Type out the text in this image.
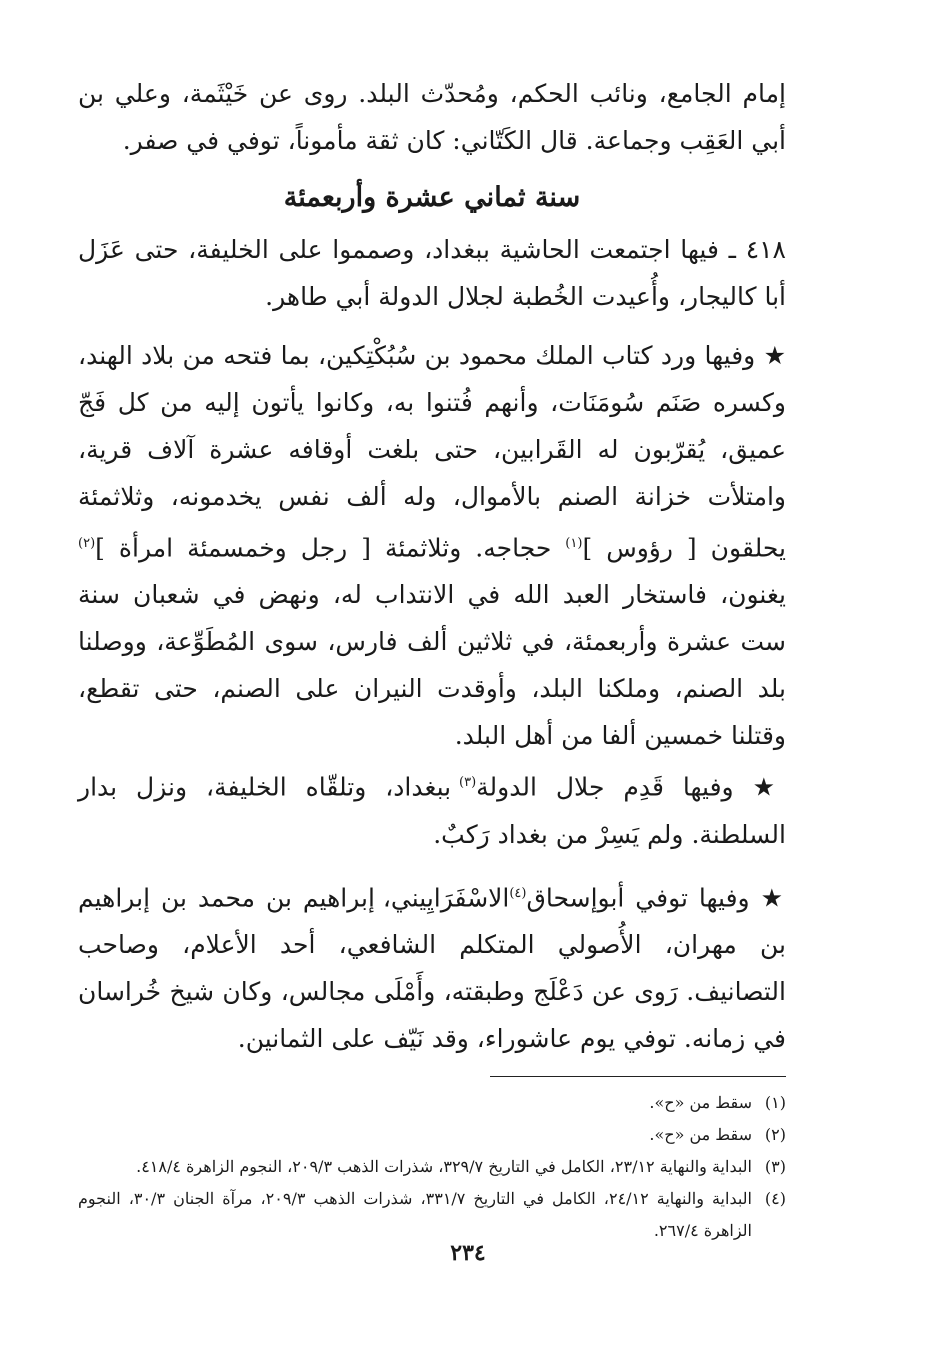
إمام الجامع، ونائب الحكم، ومُحدّث البلد. روى عن خَيْثَمة، وعلي بن أبي العَقِب وجماعة. قال الكَتّاني: كان ثقة مأموناً، توفي في صفر.

سنة ثماني عشرة وأربعمئة

٤١٨ ـ فيها اجتمعت الحاشية ببغداد، وصمموا على الخليفة، حتى عَزَل أبا كاليجار، وأُعيدت الخُطبة لجلال الدولة أبي طاهر.

★ وفيها ورد كتاب الملك محمود بن سُبُكْتِكين، بما فتحه من بلاد الهند، وكسره صَنَم سُومَنَات، وأنهم فُتنوا به، وكانوا يأتون إليه من كل فَجّ عميق، يُقرّبون له القَرابين، حتى بلغت أوقافه عشرة آلاف قرية، وامتلأت خزانة الصنم بالأموال، وله ألف نفس يخدمونه، وثلاثمئة يحلقون [ رؤوس ]$^{(١)}$ حجاجه. وثلاثمئة [ رجل وخمسمئة امرأة ]$^{(٢)}$ يغنون، فاستخار العبد الله في الانتداب له، ونهض في شعبان سنة ست عشرة وأربعمئة، في ثلاثين ألف فارس، سوى المُطَوِّعة، ووصلنا بلد الصنم، وملكنا البلد، وأوقدت النيران على الصنم، حتى تقطع، وقتلنا خمسين ألفا من أهل البلد.

★ وفيها قَدِم جلال الدولة$^{(٣)}$ ببغداد، وتلقّاه الخليفة، ونزل بدار السلطنة. ولم يَسِرْ من بغداد رَكبٌ.

★ وفيها توفي أبوإسحاق$^{(٤)}$الاسْفَرَايِيني، إبراهيم بن محمد بن إبراهيم بن مهران، الأُصولي المتكلم الشافعي، أحد الأعلام، وصاحب التصانيف. رَوى عن دَعْلَج وطبقته، وأَمْلَى مجالس، وكان شيخ خُراسان في زمانه. توفي يوم عاشوراء، وقد نَيّف على الثمانين.

(١)
سقط من «ح».

(٢)
سقط من «ح».

(٣)
البداية والنهاية ٢٣/١٢، الكامل في التاريخ ٣٢٩/٧، شذرات الذهب ٢٠٩/٣، النجوم الزاهرة ٤١٨/٤.

(٤)
البداية والنهاية ٢٤/١٢، الكامل في التاريخ ٣٣١/٧، شذرات الذهب ٢٠٩/٣، مرآة الجنان ٣٠/٣، النجوم الزاهرة ٢٦٧/٤.

٢٣٤
